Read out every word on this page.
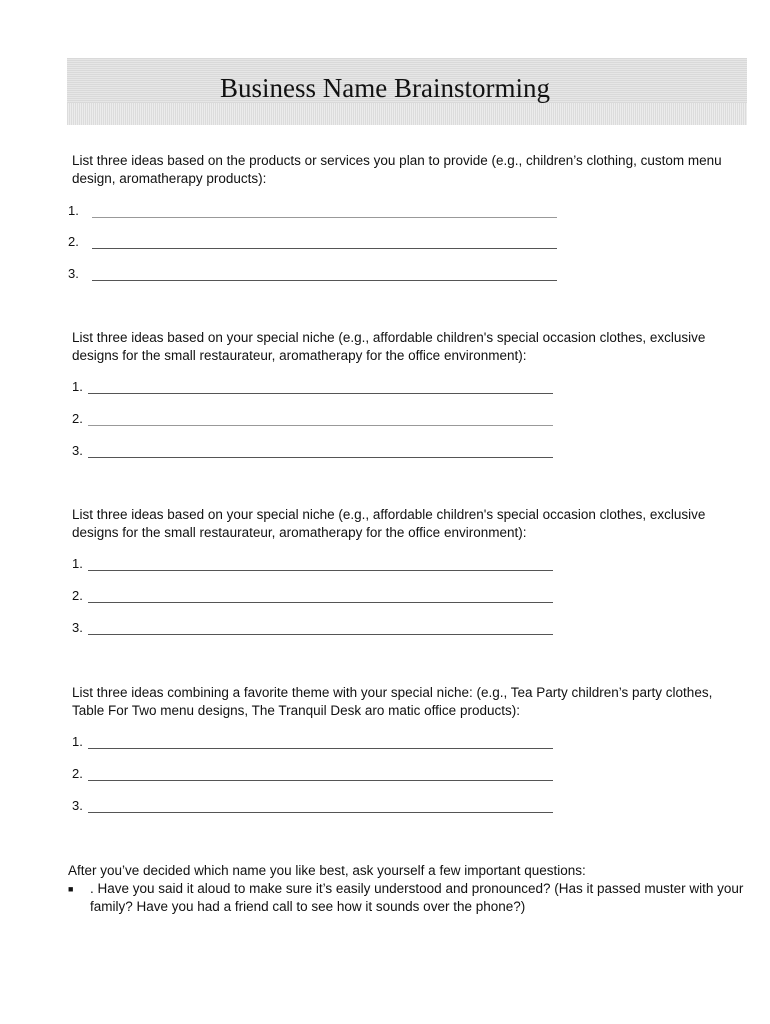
Business Name Brainstorming
List three ideas based on the products or services you plan to provide (e.g., children’s clothing, custom menu design, aromatherapy products):
1.
2.
3.
List three ideas based on your special niche (e.g., affordable children's special occasion clothes, exclusive designs for the small restaurateur, aromatherapy for the office environment):
1.
2.
3.
List three ideas based on your special niche (e.g., affordable children's special occasion clothes, exclusive designs for the small restaurateur, aromatherapy for the office environment):
1.
2.
3.
List three ideas combining a favorite theme with your special niche: (e.g., Tea Party children’s party clothes, Table For Two menu designs, The Tranquil Desk aro matic office products):
1.
2.
3.
After you’ve decided which name you like best, ask yourself a few important questions:
■ . Have you said it aloud to make sure it’s easily understood and pronounced? (Has it passed muster with your family? Have you had a friend call to see how it sounds over the phone?)
